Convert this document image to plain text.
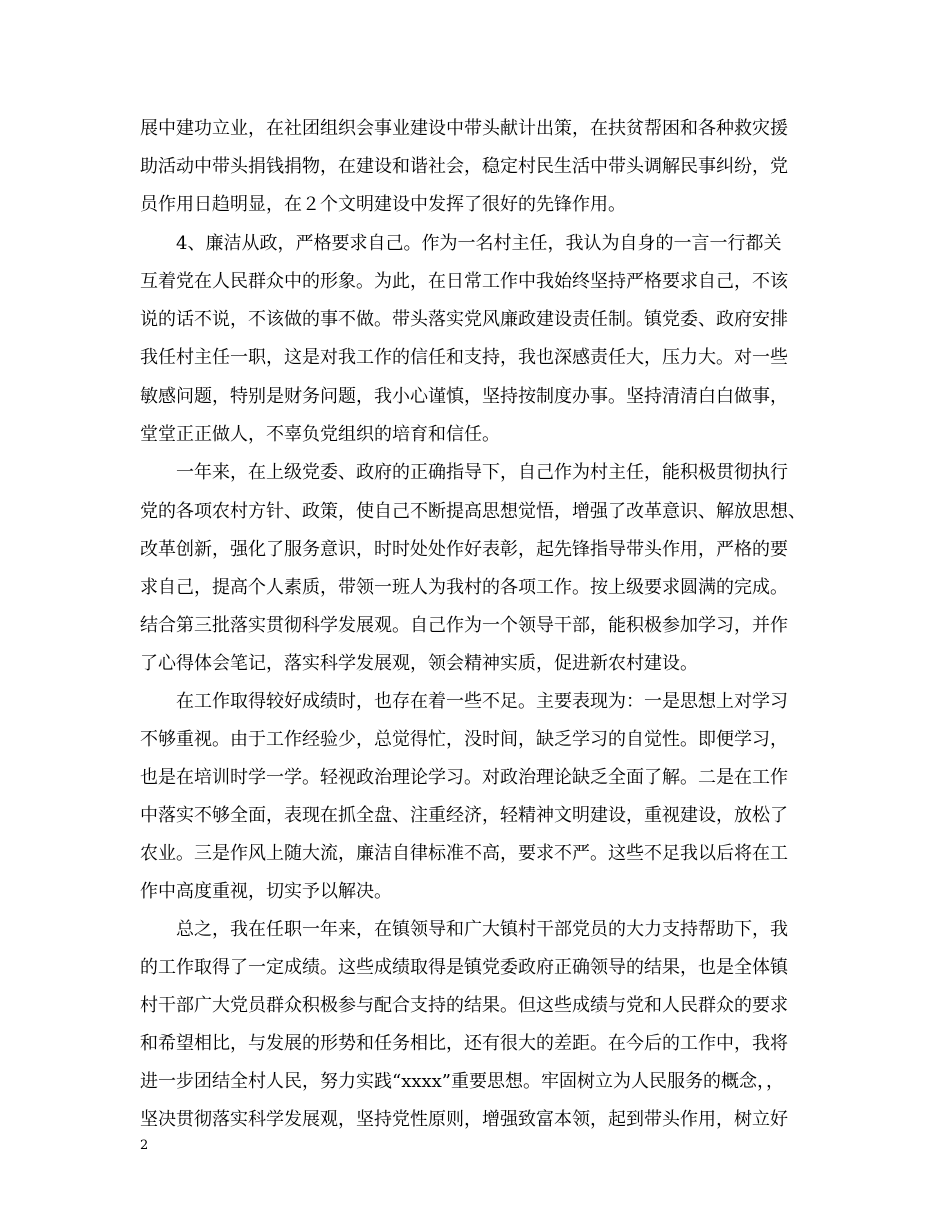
展中建功立业，在社团组织会事业建设中带头献计出策，在扶贫帮困和各种救灾援
助活动中带头捐钱捐物，在建设和谐社会，稳定村民生活中带头调解民事纠纷，党
员作用日趋明显，在２个文明建设中发挥了很好的先锋作用。
4、廉洁从政，严格要求自己。作为一名村主任，我认为自身的一言一行都关
互着党在人民群众中的形象。为此，在日常工作中我始终坚持严格要求自己，不该
说的话不说，不该做的事不做。带头落实党风廉政建设责任制。镇党委、政府安排
我任村主任一职，这是对我工作的信任和支持，我也深感责任大，压力大。对一些
敏感问题，特别是财务问题，我小心谨慎，坚持按制度办事。坚持清清白白做事，
堂堂正正做人，不辜负党组织的培育和信任。
一年来，在上级党委、政府的正确指导下，自己作为村主任，能积极贯彻执行
党的各项农村方针、政策，使自己不断提高思想觉悟，增强了改革意识、解放思想、
改革创新，强化了服务意识，时时处处作好表彰，起先锋指导带头作用，严格的要
求自己，提高个人素质，带领一班人为我村的各项工作。按上级要求圆满的完成。
结合第三批落实贯彻科学发展观。自己作为一个领导干部，能积极参加学习，并作
了心得体会笔记，落实科学发展观，领会精神实质，促进新农村建设。
在工作取得较好成绩时，也存在着一些不足。主要表现为：一是思想上对学习
不够重视。由于工作经验少，总觉得忙，没时间，缺乏学习的自觉性。即便学习，
也是在培训时学一学。轻视政治理论学习。对政治理论缺乏全面了解。二是在工作
中落实不够全面，表现在抓全盘、注重经济，轻精神文明建设，重视建设，放松了
农业。三是作风上随大流，廉洁自律标准不高，要求不严。这些不足我以后将在工
作中高度重视，切实予以解决。
总之，我在任职一年来，在镇领导和广大镇村干部党员的大力支持帮助下，我
的工作取得了一定成绩。这些成绩取得是镇党委政府正确领导的结果，也是全体镇
村干部广大党员群众积极参与配合支持的结果。但这些成绩与党和人民群众的要求
和希望相比，与发展的形势和任务相比，还有很大的差距。在今后的工作中，我将
进一步团结全村人民，努力实践“xxxx”重要思想。牢固树立为人民服务的概念，，
坚决贯彻落实科学发展观，坚持党性原则，增强致富本领，起到带头作用，树立好
2
